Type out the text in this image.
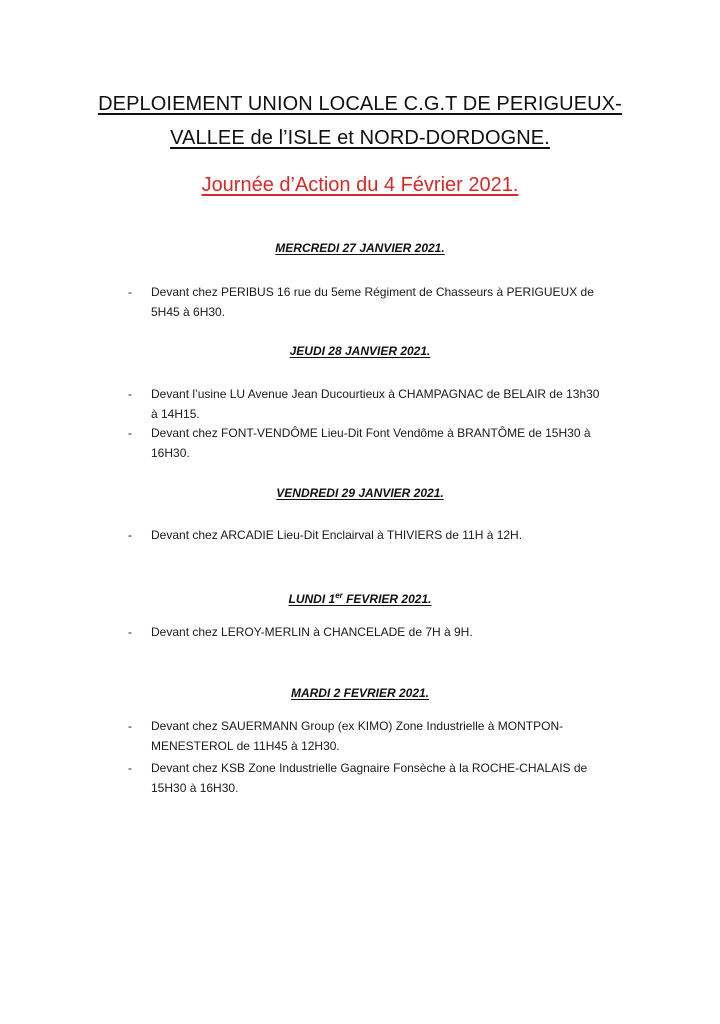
DEPLOIEMENT UNION LOCALE C.G.T DE PERIGUEUX-
VALLEE de l’ISLE et NORD-DORDOGNE.
Journée d’Action du 4 Février 2021.
MERCREDI 27 JANVIER 2021.
-	Devant chez PERIBUS 16 rue du 5eme Régiment de Chasseurs à PERIGUEUX de
5H45 à 6H30.
JEUDI 28 JANVIER 2021.
-	Devant l’usine LU Avenue Jean Ducourtieux à CHAMPAGNAC de BELAIR de 13h30
à 14H15.
-	Devant chez FONT-VENDÔME Lieu-Dit Font Vendôme à BRANTÔME de 15H30 à
16H30.
VENDREDI 29 JANVIER 2021.
-	Devant chez ARCADIE Lieu-Dit Enclairval à THIVIERS de 11H à 12H.
LUNDI 1er FEVRIER 2021.
-	Devant chez LEROY-MERLIN à CHANCELADE de 7H à 9H.
MARDI 2 FEVRIER 2021.
-	Devant chez SAUERMANN Group (ex KIMO) Zone Industrielle à MONTPON-
MENESTEROL de 11H45 à 12H30.
-	Devant chez KSB Zone Industrielle Gagnaire Fonsèche à la ROCHE-CHALAIS de
15H30 à 16H30.
